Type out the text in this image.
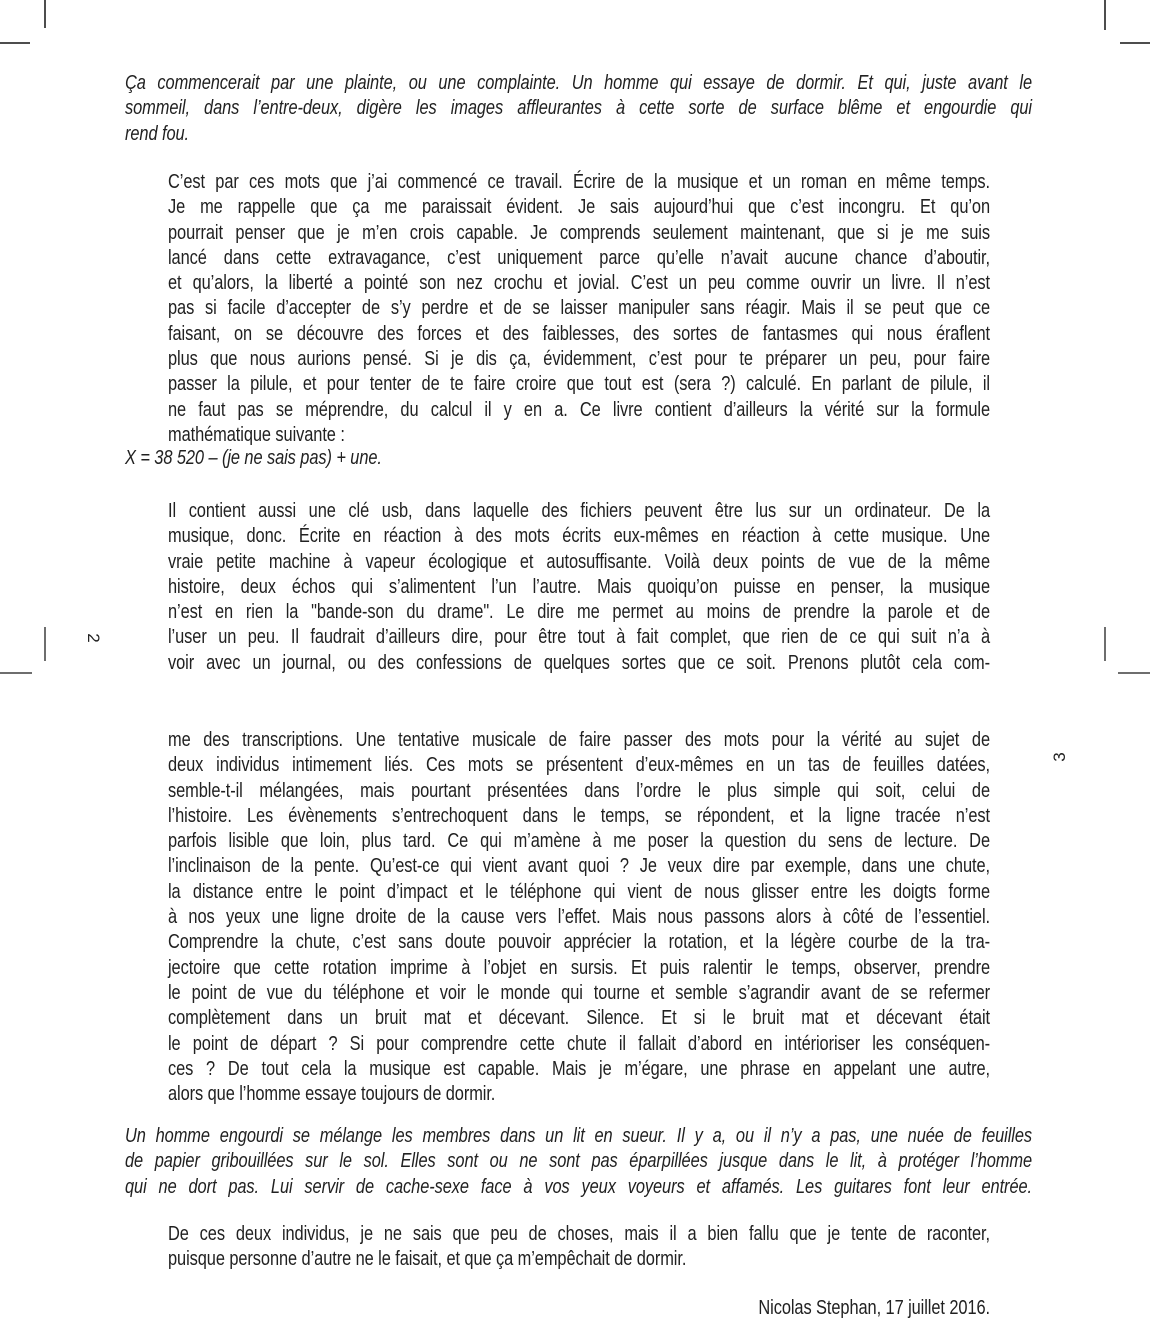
2
3
Ça commencerait par une plainte, ou une complainte. Un homme qui essaye de dormir. Et qui, juste avant le
sommeil, dans l’entre-deux, digère les images affleurantes à cette sorte de surface blême et engourdie qui
rend fou.
C’est par ces mots que j’ai commencé ce travail. Écrire de la musique et un roman en même temps.
Je me rappelle que ça me paraissait évident. Je sais aujourd’hui que c’est incongru. Et qu’on
pourrait penser que je m’en crois capable. Je comprends seulement maintenant, que si je me suis
lancé dans cette extravagance, c’est uniquement parce qu’elle n’avait aucune chance d’aboutir,
et qu’alors, la liberté a pointé son nez crochu et jovial. C’est un peu comme ouvrir un livre. Il n’est
pas si facile d’accepter de s’y perdre et de se laisser manipuler sans réagir. Mais il se peut que ce
faisant, on se découvre des forces et des faiblesses, des sortes de fantasmes qui nous éraflent
plus que nous aurions pensé. Si je dis ça, évidemment, c’est pour te préparer un peu, pour faire
passer la pilule, et pour tenter de te faire croire que tout est (sera ?) calculé. En parlant de pilule, il
ne faut pas se méprendre, du calcul il y en a. Ce livre contient d’ailleurs la vérité sur la formule
mathématique suivante :
X = 38 520 – (je ne sais pas) + une.
Il contient aussi une clé usb, dans laquelle des fichiers peuvent être lus sur un ordinateur. De la
musique, donc. Écrite en réaction à des mots écrits eux-mêmes en réaction à cette musique. Une
vraie petite machine à vapeur écologique et autosuffisante. Voilà deux points de vue de la même
histoire, deux échos qui s’alimentent l’un l’autre. Mais quoiqu’on puisse en penser, la musique
n’est en rien la "bande-son du drame". Le dire me permet au moins de prendre la parole et de
l’user un peu. Il faudrait d’ailleurs dire, pour être tout à fait complet, que rien de ce qui suit n’a à
voir avec un journal, ou des confessions de quelques sortes que ce soit. Prenons plutôt cela com-
me des transcriptions. Une tentative musicale de faire passer des mots pour la vérité au sujet de
deux individus intimement liés. Ces mots se présentent d’eux-mêmes en un tas de feuilles datées,
semble-t-il mélangées, mais pourtant présentées dans l’ordre le plus simple qui soit, celui de
l’histoire. Les évènements s’entrechoquent dans le temps, se répondent, et la ligne tracée n’est
parfois lisible que loin, plus tard. Ce qui m’amène à me poser la question du sens de lecture. De
l’inclinaison de la pente. Qu’est-ce qui vient avant quoi ? Je veux dire par exemple, dans une chute,
la distance entre le point d’impact et le téléphone qui vient de nous glisser entre les doigts forme
à nos yeux une ligne droite de la cause vers l’effet. Mais nous passons alors à côté de l’essentiel.
Comprendre la chute, c’est sans doute pouvoir apprécier la rotation, et la légère courbe de la tra-
jectoire que cette rotation imprime à l’objet en sursis. Et puis ralentir le temps, observer, prendre
le point de vue du téléphone et voir le monde qui tourne et semble s’agrandir avant de se refermer
complètement dans un bruit mat et décevant. Silence. Et si le bruit mat et décevant était
le point de départ ? Si pour comprendre cette chute il fallait d’abord en intérioriser les conséquen-
ces ? De tout cela la musique est capable. Mais je m’égare, une phrase en appelant une autre,
alors que l’homme essaye toujours de dormir.
Un homme engourdi se mélange les membres dans un lit en sueur. Il y a, ou il n’y a pas, une nuée de feuilles
de papier gribouillées sur le sol. Elles sont ou ne sont pas éparpillées jusque dans le lit, à protéger l’homme
qui ne dort pas. Lui servir de cache-sexe face à vos yeux voyeurs et affamés. Les guitares font leur entrée.
De ces deux individus, je ne sais que peu de choses, mais il a bien fallu que je tente de raconter,
puisque personne d’autre ne le faisait, et que ça m’empêchait de dormir.
Nicolas Stephan, 17 juillet 2016.
